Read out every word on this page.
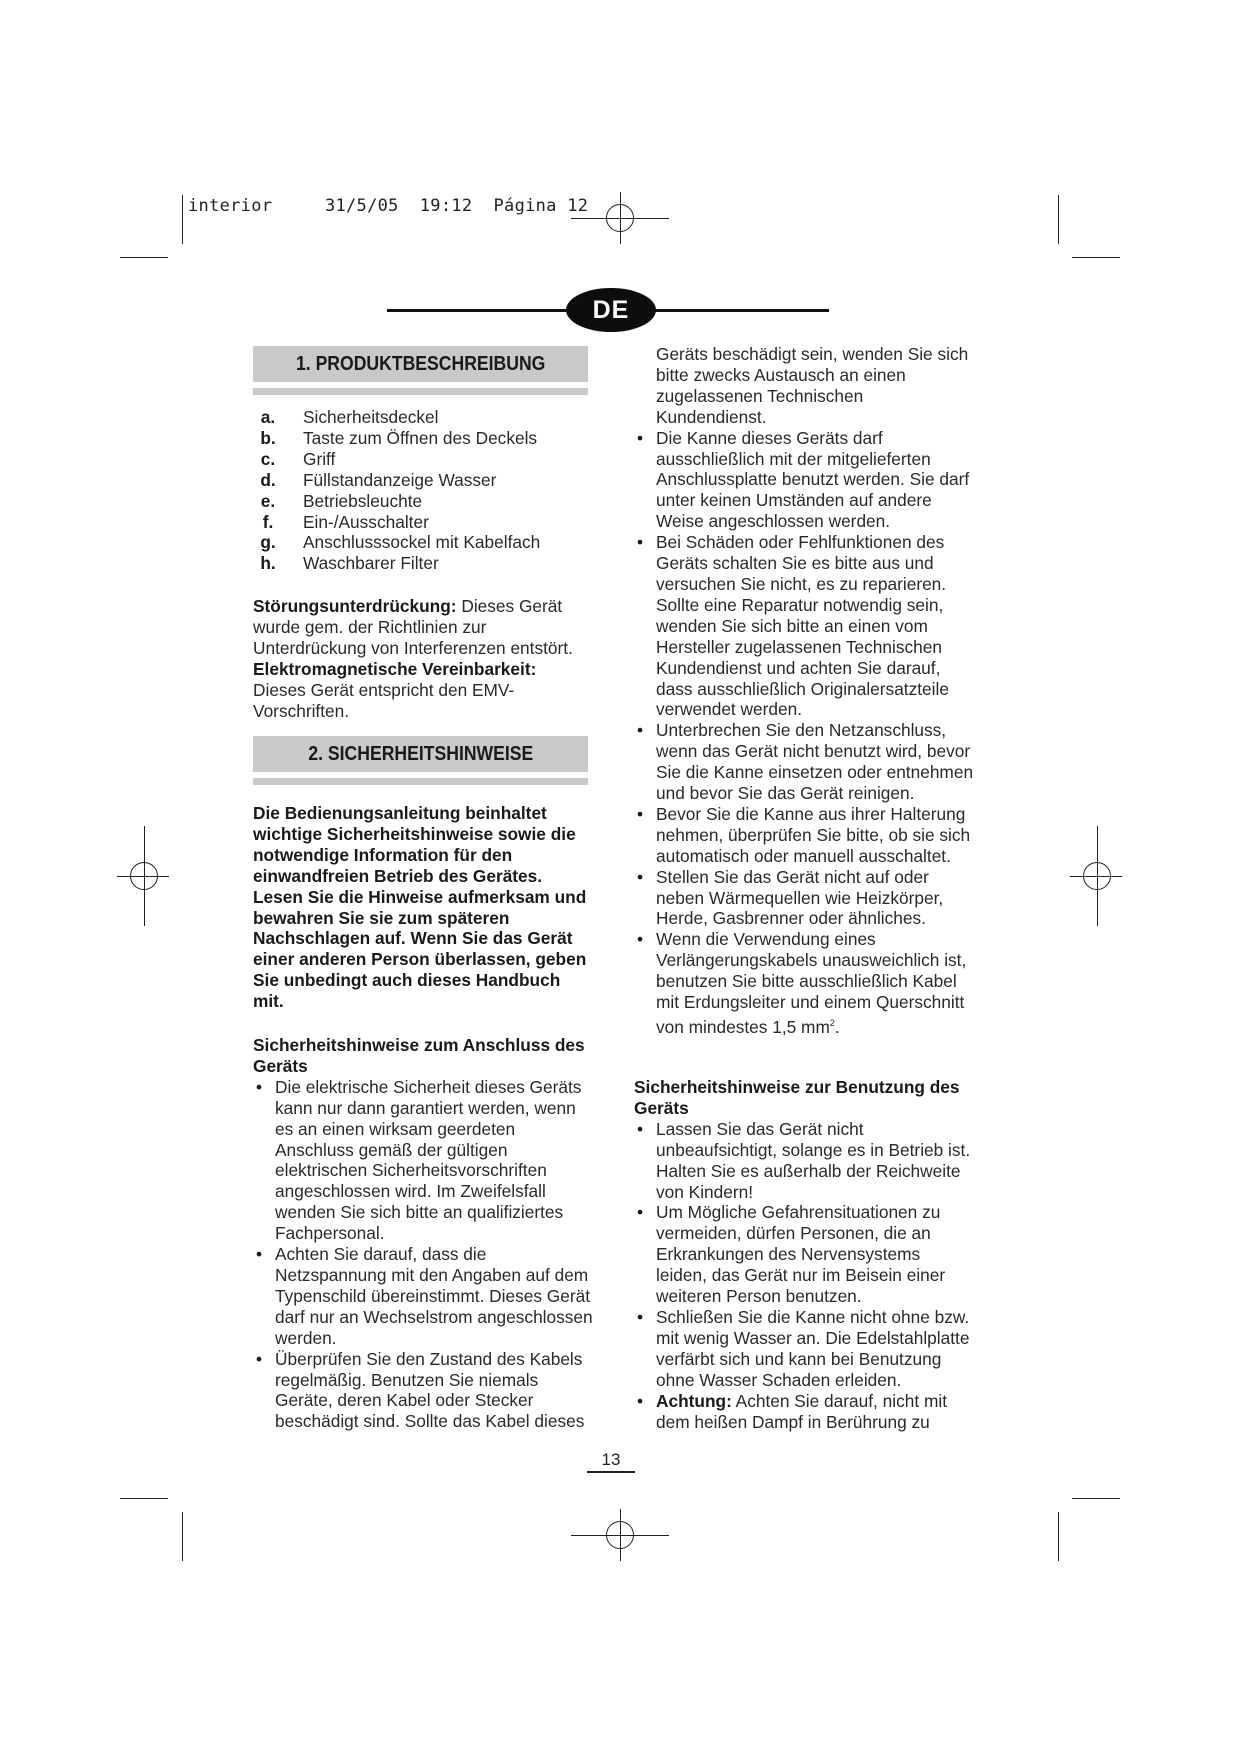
interior     31/5/05  19:12  Página 12
DE
1. PRODUKTBESCHREIBUNG
a.	Sicherheitsdeckel
b.	Taste zum Öffnen des Deckels
c.	Griff
d.	Füllstandanzeige Wasser
e.	Betriebsleuchte
f.	Ein-/Ausschalter
g.	Anschlusssockel mit Kabelfach
h.	Waschbarer Filter

Störungsunterdrückung: Dieses Gerät wurde gem. der Richtlinien zur Unterdrückung von Interferenzen entstört.

Elektromagnetische Vereinbarkeit: Dieses Gerät entspricht den EMV-Vorschriften.

2. SICHERHEITSHINWEISE

Die Bedienungsanleitung beinhaltet wichtige Sicherheitshinweise sowie die notwendige Information für den einwandfreien Betrieb des Gerätes. Lesen Sie die Hinweise aufmerksam und bewahren Sie sie zum späteren Nachschlagen auf. Wenn Sie das Gerät einer anderen Person überlassen, geben Sie unbedingt auch dieses Handbuch mit.

Sicherheitshinweise zum Anschluss des Geräts

• Die elektrische Sicherheit dieses Geräts kann nur dann garantiert werden, wenn es an einen wirksam geerdeten Anschluss gemäß der gültigen elektrischen Sicherheitsvorschriften angeschlossen wird. Im Zweifelsfall wenden Sie sich bitte an qualifiziertes Fachpersonal.
• Achten Sie darauf, dass die Netzspannung mit den Angaben auf dem Typenschild übereinstimmt. Dieses Gerät darf nur an Wechselstrom angeschlossen werden.
• Überprüfen Sie den Zustand des Kabels regelmäßig. Benutzen Sie niemals Geräte, deren Kabel oder Stecker beschädigt sind. Sollte das Kabel dieses

Geräts beschädigt sein, wenden Sie sich bitte zwecks Austausch an einen zugelassenen Technischen Kundendienst.

• Die Kanne dieses Geräts darf ausschließlich mit der mitgelieferten Anschlussplatte benutzt werden. Sie darf unter keinen Umständen auf andere Weise angeschlossen werden.
• Bei Schäden oder Fehlfunktionen des Geräts schalten Sie es bitte aus und versuchen Sie nicht, es zu reparieren. Sollte eine Reparatur notwendig sein, wenden Sie sich bitte an einen vom Hersteller zugelassenen Technischen Kundendienst und achten Sie darauf, dass ausschließlich Originalersatzteile verwendet werden.
• Unterbrechen Sie den Netzanschluss, wenn das Gerät nicht benutzt wird, bevor Sie die Kanne einsetzen oder entnehmen und bevor Sie das Gerät reinigen.
• Bevor Sie die Kanne aus ihrer Halterung nehmen, überprüfen Sie bitte, ob sie sich automatisch oder manuell ausschaltet.
• Stellen Sie das Gerät nicht auf oder neben Wärmequellen wie Heizkörper, Herde, Gasbrenner oder ähnliches.
• Wenn die Verwendung eines Verlängerungskabels unausweichlich ist, benutzen Sie bitte ausschließlich Kabel mit Erdungsleiter und einem Querschnitt von mindestes 1,5 $mm^2$.

Sicherheitshinweise zur Benutzung des Geräts

• Lassen Sie das Gerät nicht unbeaufsichtigt, solange es in Betrieb ist. Halten Sie es außerhalb der Reichweite von Kindern!
• Um Mögliche Gefahrensituationen zu vermeiden, dürfen Personen, die an Erkrankungen des Nervensystems leiden, das Gerät nur im Beisein einer weiteren Person benutzen.
• Schließen Sie die Kanne nicht ohne bzw. mit wenig Wasser an. Die Edelstahlplatte verfärbt sich und kann bei Benutzung ohne Wasser Schaden erleiden.
• Achtung: Achten Sie darauf, nicht mit dem heißen Dampf in Berührung zu
13
